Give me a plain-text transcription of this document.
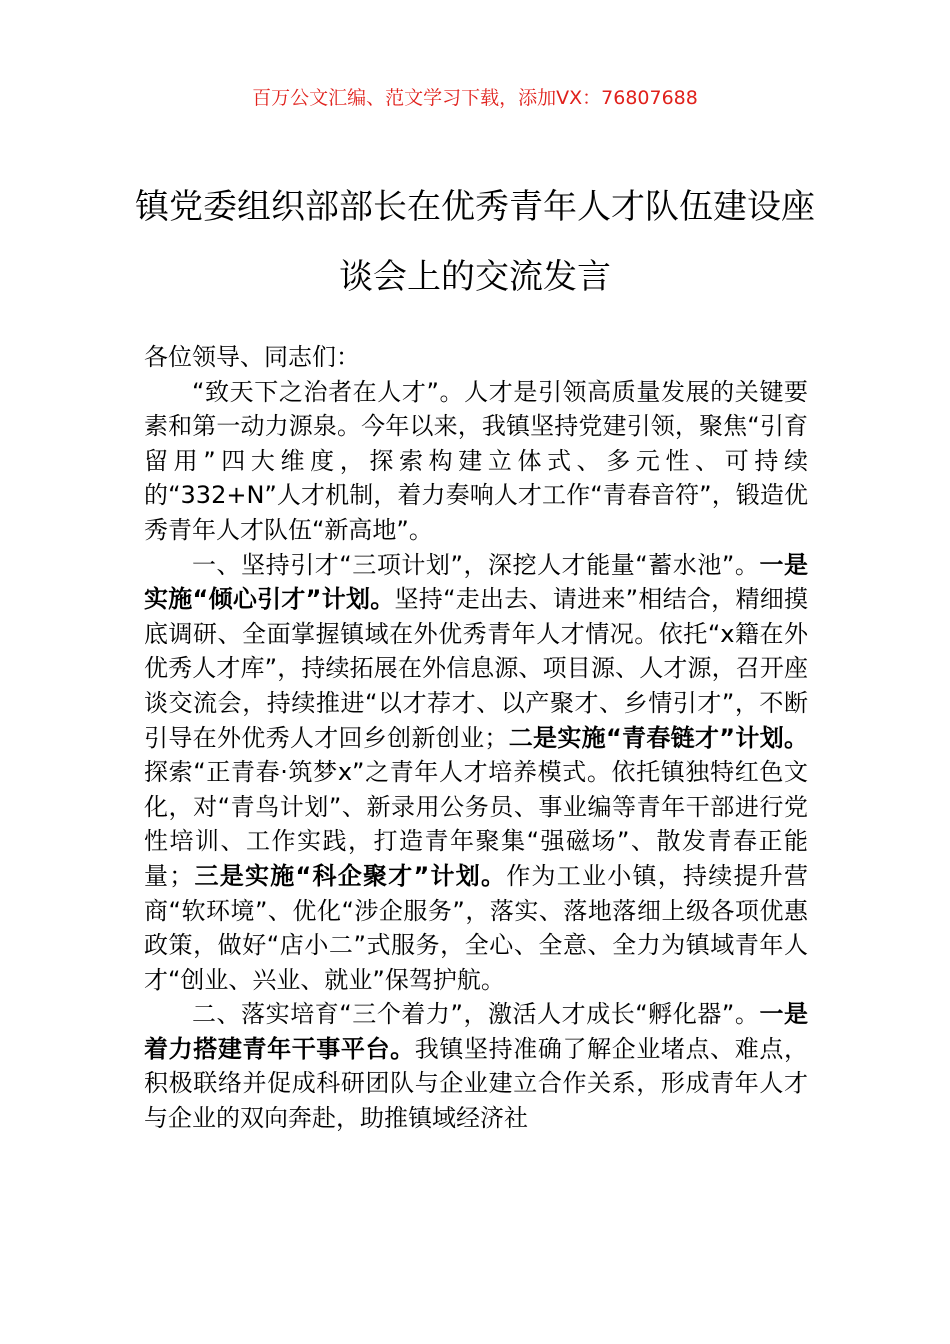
百万公文汇编、范文学习下载，添加VX：76807688
镇党委组织部部长在优秀青年人才队伍建设座谈会上的交流发言

各位领导、同志们：

“致天下之治者在人才”。人才是引领高质量发展的关键要素和第一动力源泉。今年以来，我镇坚持党建引领，聚焦“引育留用”四大维度，探索构建立体式、多元性、可持续的“332+N”人才机制，着力奏响人才工作“青春音符”，锻造优秀青年人才队伍“新高地”。

一、坚持引才“三项计划”，深挖人才能量“蓄水池”。一是实施“倾心引才”计划。坚持“走出去、请进来”相结合，精细摸底调研、全面掌握镇域在外优秀青年人才情况。依托“x籍在外优秀人才库”，持续拓展在外信息源、项目源、人才源，召开座谈交流会，持续推进“以才荐才、以产聚才、乡情引才”，不断引导在外优秀人才回乡创新创业；二是实施“青春链才”计划。探索“正青春·筑梦x”之青年人才培养模式。依托镇独特红色文化，对“青鸟计划”、新录用公务员、事业编等青年干部进行党性培训、工作实践，打造青年聚集“强磁场”、散发青春正能量；三是实施“科企聚才”计划。作为工业小镇，持续提升营商“软环境”、优化“涉企服务”，落实、落地落细上级各项优惠政策，做好“店小二”式服务，全心、全意、全力为镇域青年人才“创业、兴业、就业”保驾护航。

二、落实培育“三个着力”，激活人才成长“孵化器”。一是着力搭建青年干事平台。我镇坚持准确了解企业堵点、难点，积极联络并促成科研团队与企业建立合作关系，形成青年人才与企业的双向奔赴，助推镇域经济社
